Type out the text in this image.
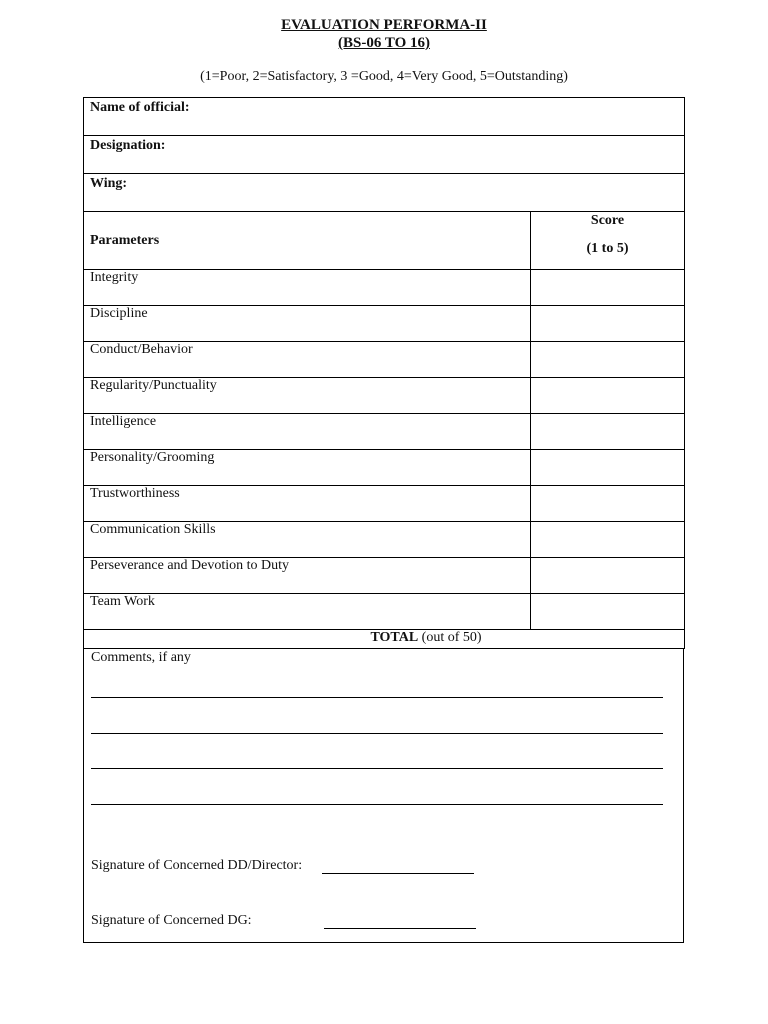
EVALUATION PERFORMA-II
(BS-06 TO 16)
(1=Poor, 2=Satisfactory, 3 =Good, 4=Very Good, 5=Outstanding)
Name of official:	
Designation:	
Wing:	
Parameters	Score
(1 to 5)

Integrity	
Discipline	
Conduct/Behavior	
Regularity/Punctuality	
Intelligence	
Personality/Grooming	
Trustworthiness	
Communication Skills	
Perseverance and Devotion to Duty	
Team Work	
TOTAL (out of 50)	
Comments, if any
Signature of Concerned DD/Director:
Signature of Concerned DG:
